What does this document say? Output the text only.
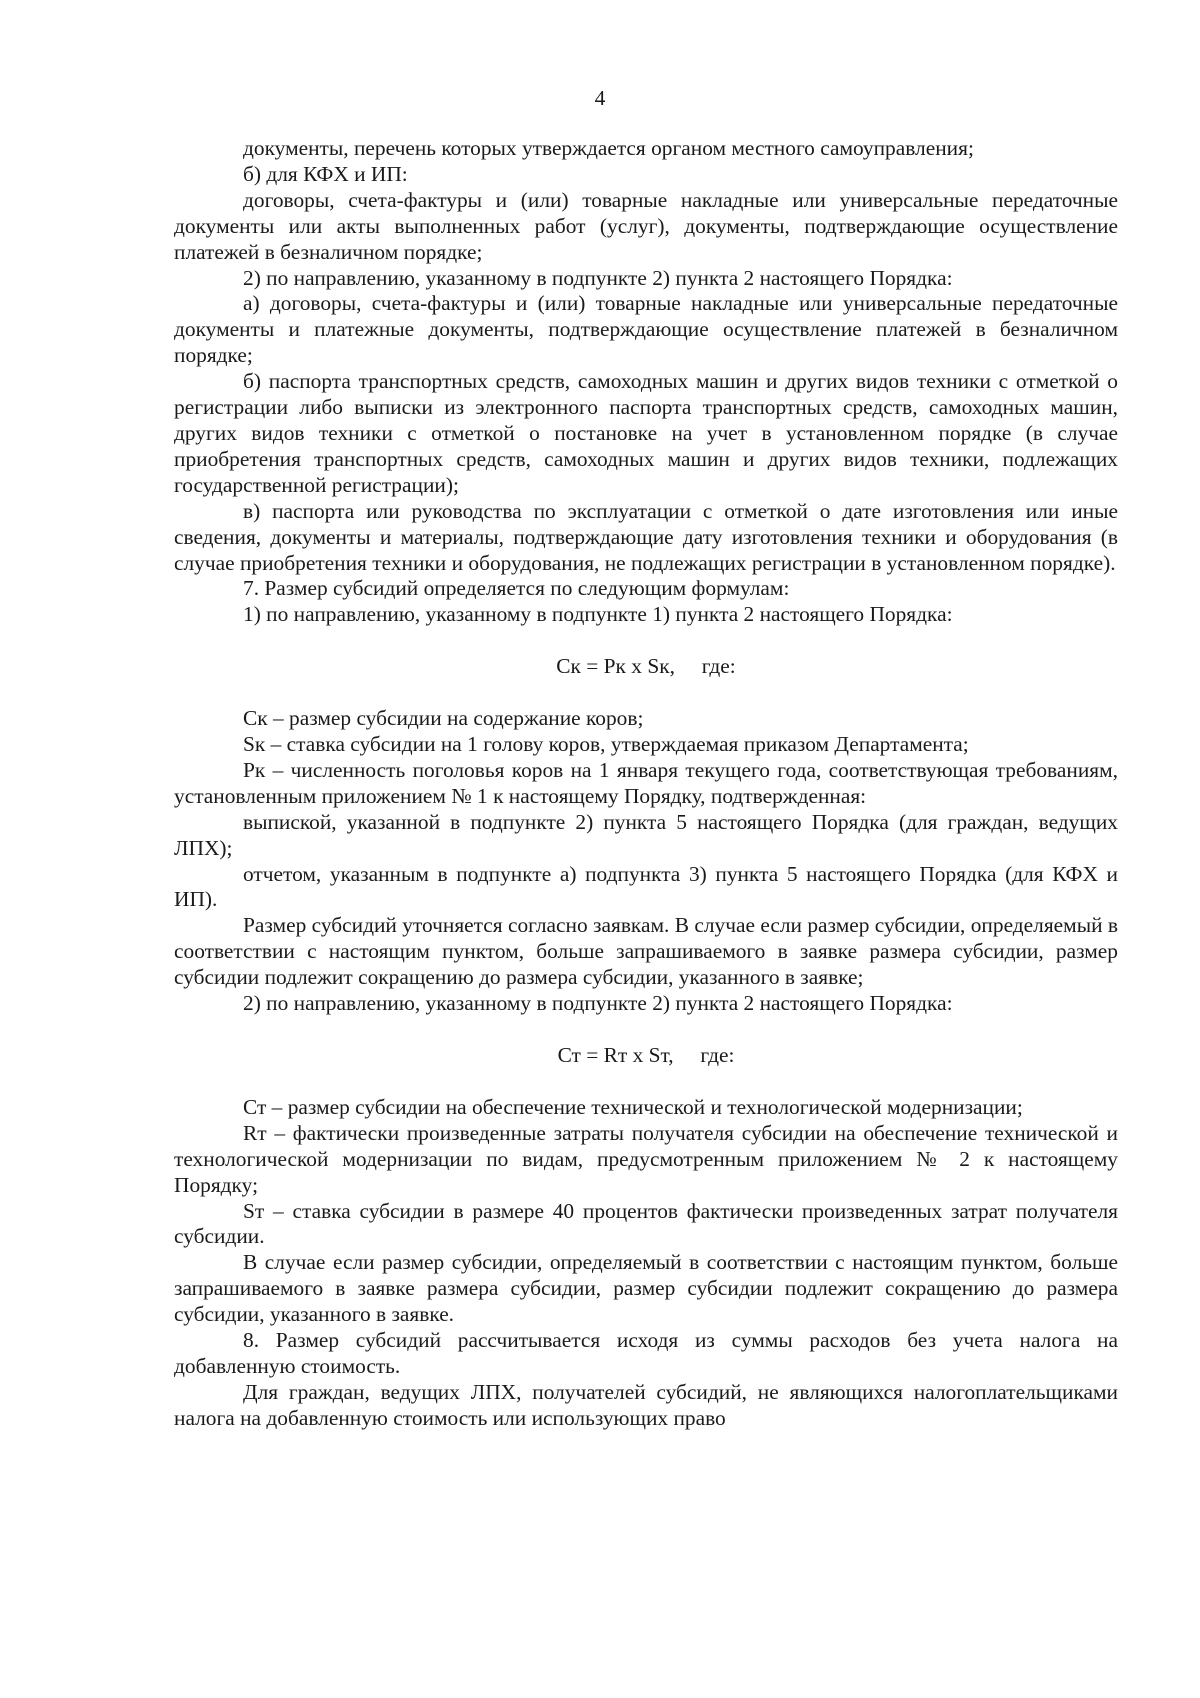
4

документы, перечень которых утверждается органом местного самоуправления;

б) для КФХ и ИП:

договоры, счета-фактуры и (или) товарные накладные или универсальные передаточные документы или акты выполненных работ (услуг), документы, подтверждающие осуществление платежей в безналичном порядке;

2) по направлению, указанному в подпункте 2) пункта 2 настоящего Порядка:

а) договоры, счета-фактуры и (или) товарные накладные или универсальные передаточные документы и платежные документы, подтверждающие осуществление платежей в безналичном порядке;

б) паспорта транспортных средств, самоходных машин и других видов техники с отметкой о регистрации либо выписки из электронного паспорта транспортных средств, самоходных машин, других видов техники с отметкой о постановке на учет в установленном порядке (в случае приобретения транспортных средств, самоходных машин и других видов техники, подлежащих государственной регистрации);

в) паспорта или руководства по эксплуатации с отметкой о дате изготовления или иные сведения, документы и материалы, подтверждающие дату изготовления техники и оборудования (в случае приобретения техники и оборудования, не подлежащих регистрации в установленном порядке).

7. Размер субсидий определяется по следующим формулам:

1) по направлению, указанному в подпункте 1) пункта 2 настоящего Порядка:

Ск = Рк х Sк,     где:

Ск – размер субсидии на содержание коров;

Sк – ставка субсидии на 1 голову коров, утверждаемая приказом Департамента;

Рк – численность поголовья коров на 1 января текущего года, соответствующая требованиям, установленным приложением № 1 к настоящему Порядку, подтвержденная:

выпиской, указанной в подпункте 2) пункта 5 настоящего Порядка (для граждан, ведущих ЛПХ);

отчетом, указанным в подпункте а) подпункта 3) пункта 5 настоящего Порядка (для КФХ и ИП).

Размер субсидий уточняется согласно заявкам. В случае если размер субсидии, определяемый в соответствии с настоящим пунктом, больше запрашиваемого в заявке размера субсидии, размер субсидии подлежит сокращению до размера субсидии, указанного в заявке;

2) по направлению, указанному в подпункте 2) пункта 2 настоящего Порядка:

Ст = Rт х Sт,     где:

Ст – размер субсидии на обеспечение технической и технологической модернизации;

Rт – фактически произведенные затраты получателя субсидии на обеспечение технической и технологической модернизации по видам, предусмотренным приложением № 2 к настоящему Порядку;

Sт – ставка субсидии в размере 40 процентов фактически произведенных затрат получателя субсидии.

В случае если размер субсидии, определяемый в соответствии с настоящим пунктом, больше запрашиваемого в заявке размера субсидии, размер субсидии подлежит сокращению до размера субсидии, указанного в заявке.

8. Размер субсидий рассчитывается исходя из суммы расходов без учета налога на добавленную стоимость.

Для граждан, ведущих ЛПХ, получателей субсидий, не являющихся налогоплательщиками налога на добавленную стоимость или использующих право
